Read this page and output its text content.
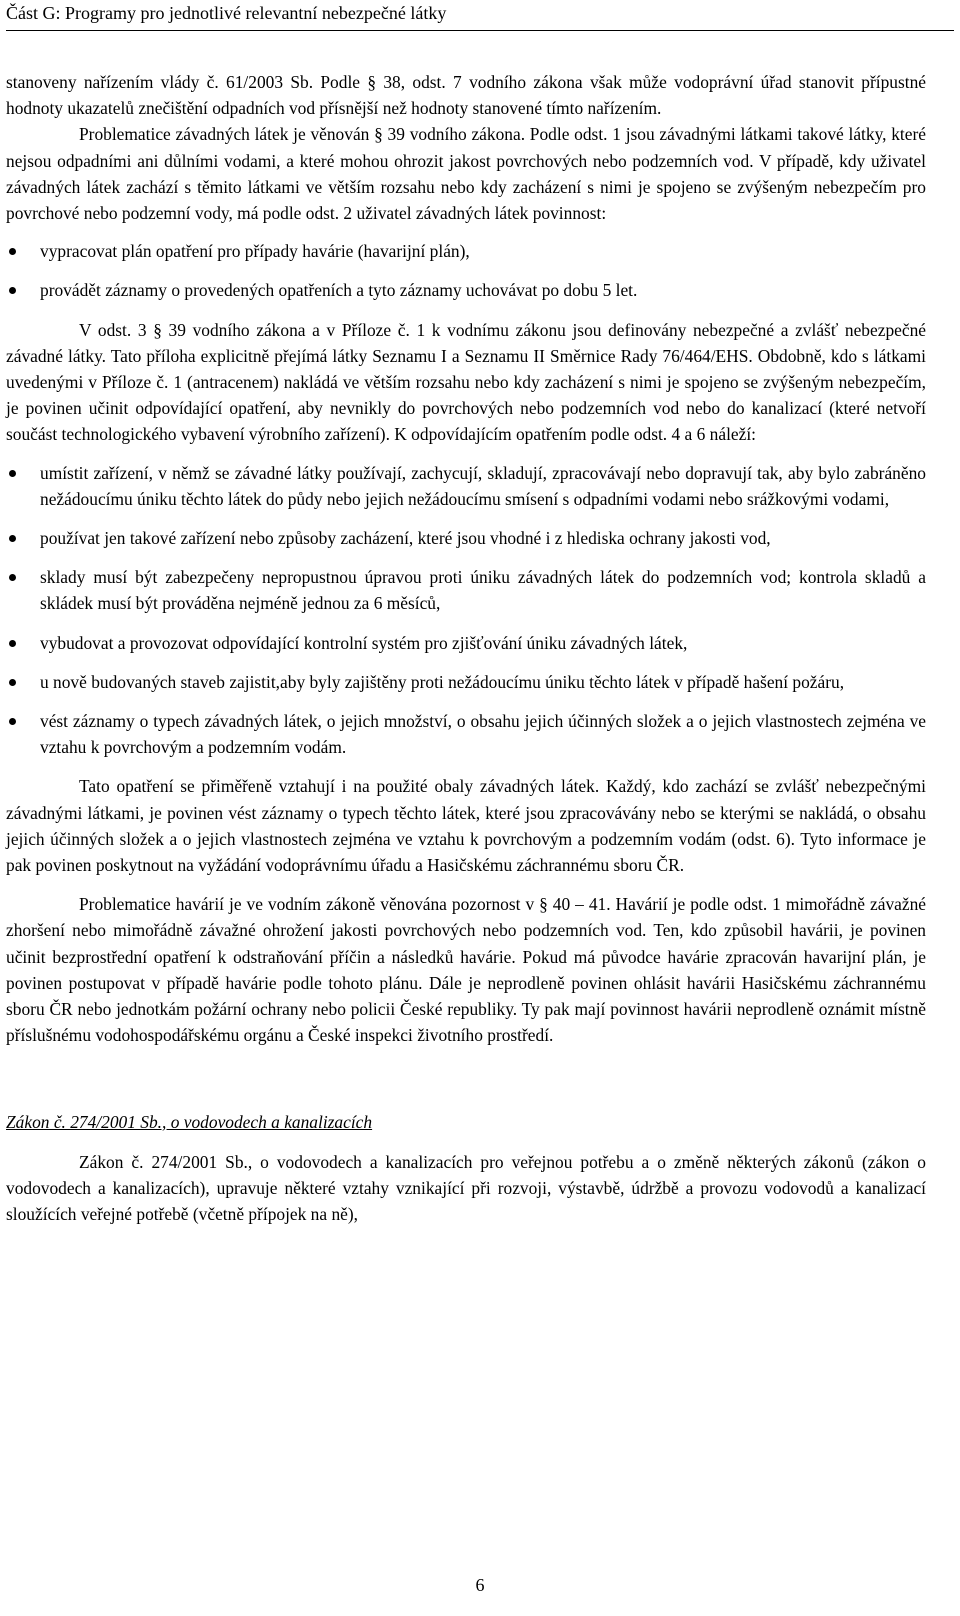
Část G: Programy pro jednotlivé relevantní nebezpečné látky

stanoveny nařízením vlády č. 61/2003 Sb. Podle § 38, odst. 7 vodního zákona však může vodoprávní úřad stanovit přípustné hodnoty ukazatelů znečištění odpadních vod přísnější než hodnoty stanovené tímto nařízením.

Problematice závadných látek je věnován § 39 vodního zákona. Podle odst. 1 jsou závadnými látkami takové látky, které nejsou odpadními ani důlními vodami, a které mohou ohrozit jakost povrchových nebo podzemních vod. V případě, kdy uživatel závadných látek zachází s těmito látkami ve větším rozsahu nebo kdy zacházení s nimi je spojeno se zvýšeným nebezpečím pro povrchové nebo podzemní vody, má podle odst. 2 uživatel závadných látek povinnost:

vypracovat plán opatření pro případy havárie (havarijní plán),
provádět záznamy o provedených opatřeních a tyto záznamy uchovávat po dobu 5 let.

V odst. 3 § 39 vodního zákona a v Příloze č. 1 k vodnímu zákonu jsou definovány nebezpečné a zvlášť nebezpečné závadné látky. Tato příloha explicitně přejímá látky Seznamu I a Seznamu II Směrnice Rady 76/464/EHS. Obdobně, kdo s látkami uvedenými v Příloze č. 1 (antracenem) nakládá ve větším rozsahu nebo kdy zacházení s nimi je spojeno se zvýšeným nebezpečím, je povinen učinit odpovídající opatření, aby nevnikly do povrchových nebo podzemních vod nebo do kanalizací (které netvoří součást technologického vybavení výrobního zařízení). K odpovídajícím opatřením podle odst. 4 a 6 náleží:

umístit zařízení, v němž se závadné látky používají, zachycují, skladují, zpracovávají nebo dopravují tak, aby bylo zabráněno nežádoucímu úniku těchto látek do půdy nebo jejich nežádoucímu smísení s odpadními vodami nebo srážkovými vodami,
používat jen takové zařízení nebo způsoby zacházení, které jsou vhodné i z hlediska ochrany jakosti vod,
sklady musí být zabezpečeny nepropustnou úpravou proti úniku závadných látek do podzemních vod; kontrola skladů a skládek musí být prováděna nejméně jednou za 6 měsíců,
vybudovat a provozovat odpovídající kontrolní systém pro zjišťování úniku závadných látek,
u nově budovaných staveb zajistit,aby byly zajištěny proti nežádoucímu úniku těchto látek v případě hašení požáru,
vést záznamy o typech závadných látek, o jejich množství, o obsahu jejich účinných složek a o jejich vlastnostech zejména ve vztahu k povrchovým a podzemním vodám.

Tato opatření se přiměřeně vztahují i na použité obaly závadných látek. Každý, kdo zachází se zvlášť nebezpečnými závadnými látkami, je povinen vést záznamy o typech těchto látek, které jsou zpracovávány nebo se kterými se nakládá, o obsahu jejich účinných složek a o jejich vlastnostech zejména ve vztahu k povrchovým a podzemním vodám (odst. 6). Tyto informace je pak povinen poskytnout na vyžádání vodoprávnímu úřadu a Hasičskému záchrannému sboru ČR.

Problematice havárií je ve vodním zákoně věnována pozornost v § 40 – 41. Havárií je podle odst. 1 mimořádně závažné zhoršení nebo mimořádně závažné ohrožení jakosti povrchových nebo podzemních vod. Ten, kdo způsobil havárii, je povinen učinit bezprostřední opatření k odstraňování příčin a následků havárie. Pokud má původce havárie zpracován havarijní plán, je povinen postupovat v případě havárie podle tohoto plánu. Dále je neprodleně povinen ohlásit havárii Hasičskému záchrannému sboru ČR nebo jednotkám požární ochrany nebo policii České republiky. Ty pak mají povinnost havárii neprodleně oznámit místně příslušnému vodohospodářskému orgánu a České inspekci životního prostředí.

Zákon č. 274/2001 Sb., o vodovodech a kanalizacích

Zákon č. 274/2001 Sb., o vodovodech a kanalizacích pro veřejnou potřebu a o změně některých zákonů (zákon o vodovodech a kanalizacích), upravuje některé vztahy vznikající při rozvoji, výstavbě, údržbě a provozu vodovodů a kanalizací sloužících veřejné potřebě (včetně přípojek na ně),

6
